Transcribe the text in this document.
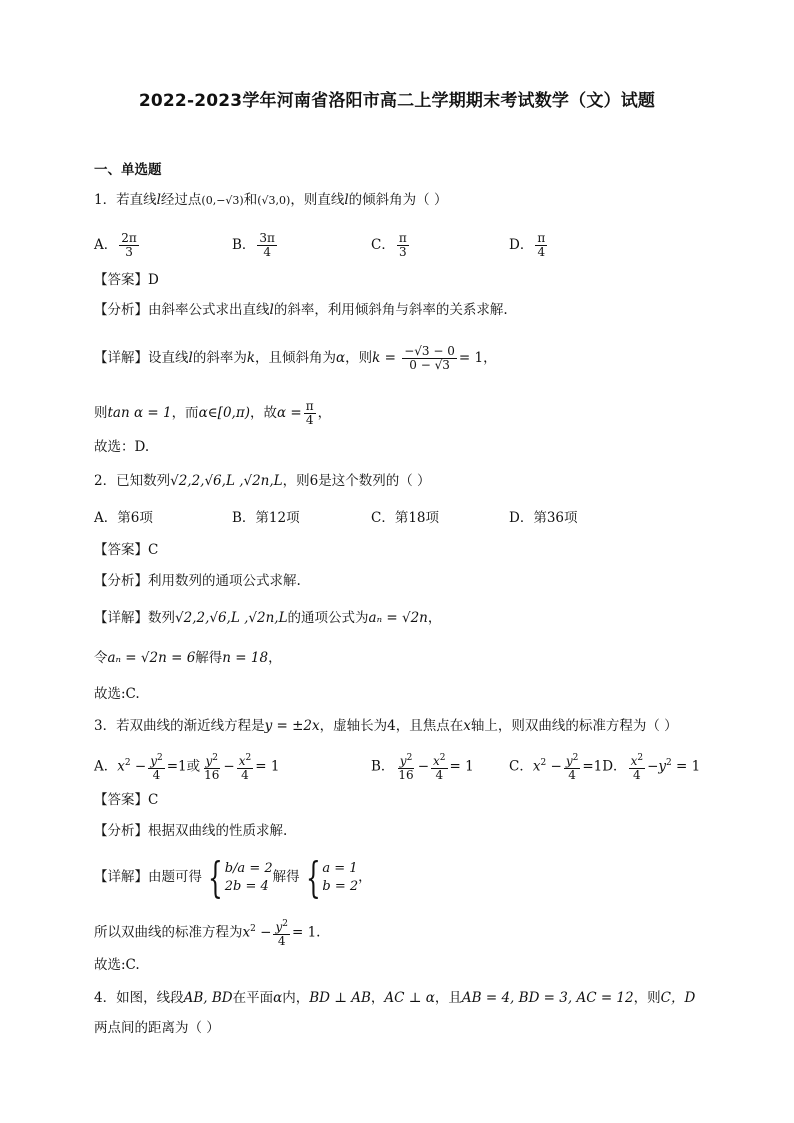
2022-2023学年河南省洛阳市高二上学期期末考试数学（文）试题
一、单选题
1．若直线l经过点(0,−√3)和(√3,0)，则直线l的倾斜角为（ ）
A． $\frac{2\pi}{3}$	B． $\frac{3\pi}{4}$	C． $\frac{\pi}{3}$	D． $\frac{\pi}{4}$
【答案】D
【分析】由斜率公式求出直线l的斜率，利用倾斜角与斜率的关系求解.
【详解】设直线l的斜率为k，且倾斜角为α，则$k = \frac{-√3 - 0}{0 - √3} = 1$，
则tan α = 1，而α∈[0,π)，故$\alpha = \frac{\pi}{4}$ ，
故选：D.
2．已知数列√2,2,√6,L ,√2n,L，则6是这个数列的（ ）
A．第6项	B．第12项	C．第18项	D．第36项
【答案】C
【分析】利用数列的通项公式求解.
【详解】数列√2,2,√6,L ,√2n,L的通项公式为aₙ = √2n，
令aₙ = √2n = 6解得n = 18，
故选:C.
3．若双曲线的渐近线方程是y = ±2x，虚轴长为4，且焦点在x轴上，则双曲线的标准方程为（ ）
A．$x^2 - \frac{y^2}{4} =1$或 $\frac{y^2}{16} - \frac{x^2}{4} = 1$	B． $\frac{y^2}{16} - \frac{x^2}{4} = 1$	C．$x^2 - \frac{y^2}{4} =1D$． $\frac{x^2}{4} -y^2 = 1$
【答案】C
【分析】根据双曲线的性质求解.
【详解】由题可得 { b/a = 2
2b = 4
解得 { a = 1
b = 2
，
所以双曲线的标准方程为$x^2 - \frac{y^2}{4} = 1$.
故选:C.
4．如图，线段AB, BD在平面α内，BD ⊥ AB，AC ⊥ α，且AB = 4, BD = 3, AC = 12，则C，D
两点间的距离为（ ）
